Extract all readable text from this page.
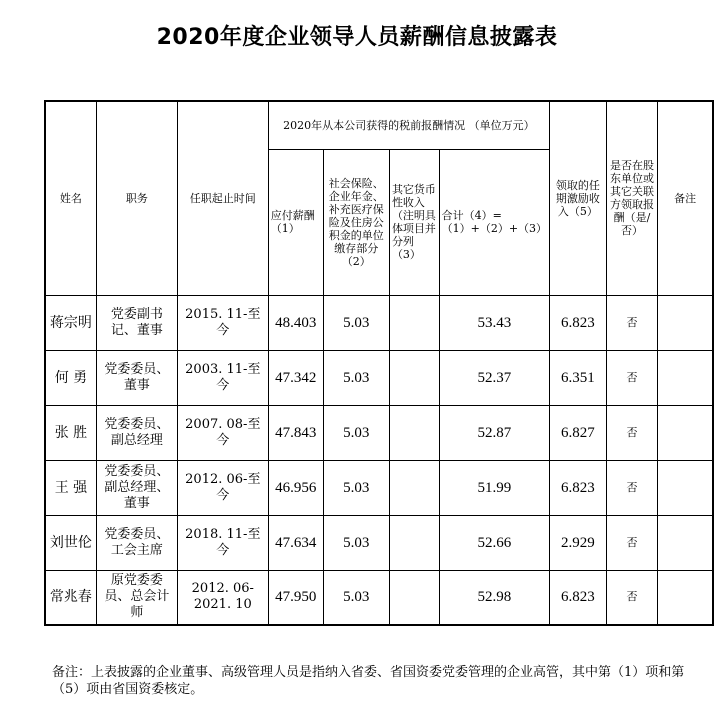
2020年度企业领导人员薪酬信息披露表
姓名	职务	任职起止时间	2020年从本公司获得的税前报酬情况 （单位万元）				领取的任期激励收入（5）	是否在股东单位或其它关联方领取报酬（是/否）	备注
			应付薪酬（1）	社会保险、企业年金、补充医疗保险及住房公积金的单位缴存部分（2）	其它货币性收入（注明具体项目并分列（3）	合计（4）=（1）+（2）+（3）			
蒋宗明	党委副书记、董事	2015. 11-至今	48.403	5.03		53.43	6.823	否	
何 勇	党委委员、董事	2003. 11-至今	47.342	5.03		52.37	6.351	否	
张 胜	党委委员、副总经理	2007. 08-至今	47.843	5.03		52.87	6.827	否	
王 强	党委委员、副总经理、董事	2012. 06-至今	46.956	5.03		51.99	6.823	否	
刘世伦	党委委员、工会主席	2018. 11-至今	47.634	5.03		52.66	2.929	否	
常兆春	原党委委员、总会计师	2012. 06-2021. 10	47.950	5.03		52.98	6.823	否	
备注：上表披露的企业董事、高级管理人员是指纳入省委、省国资委党委管理的企业高管，其中第（1）项和第（5）项由省国资委核定。
